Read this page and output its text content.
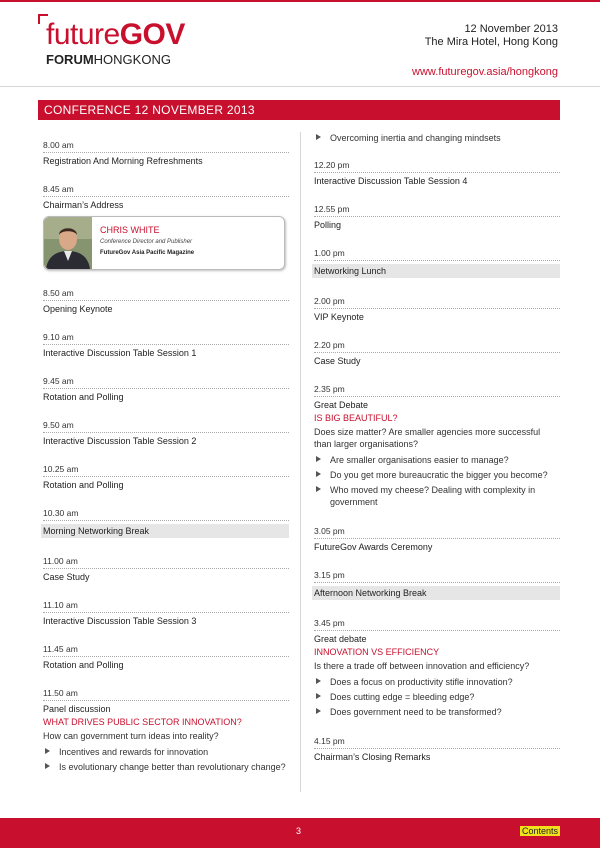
futureGOV
FORUMHONGKONG
12 November 2013
The Mira Hotel, Hong Kong
www.futuregov.asia/hongkong
CONFERENCE 12 NOVEMBER 2013
8.00 am
Registration And Morning Refreshments
8.45 am
Chairman’s Address
CHRIS WHITE
Conference Director and Publisher
FutureGov Asia Pacific Magazine
8.50 am
Opening Keynote
9.10 am
Interactive Discussion Table Session 1
9.45 am
Rotation and Polling
9.50 am
Interactive Discussion Table Session 2
10.25 am
Rotation and Polling
10.30 am
Morning Networking Break
11.00 am
Case Study
11.10 am
Interactive Discussion Table Session 3
11.45 am
Rotation and Polling
11.50 am
Panel discussion
WHAT DRIVES PUBLIC SECTOR INNOVATION?
How can government turn ideas into reality?
Incentives and rewards for innovation
Is evolutionary change better than revolutionary change?
Overcoming inertia and changing mindsets
12.20 pm
Interactive Discussion Table Session 4
12.55 pm
Polling
1.00 pm
Networking Lunch
2.00 pm
VIP Keynote
2.20 pm
Case Study
2.35 pm
Great Debate
IS BIG BEAUTIFUL?
Does size matter? Are smaller agencies more successful than larger organisations?
Are smaller organisations easier to manage?
Do you get more bureaucratic the bigger you become?
Who moved my cheese? Dealing with complexity in government
3.05 pm
FutureGov Awards Ceremony
3.15 pm
Afternoon Networking Break
3.45 pm
Great debate
INNOVATION VS EFFICIENCY
Is there a trade off between innovation and efficiency?
Does a focus on productivity stifle innovation?
Does cutting edge = bleeding edge?
Does government need to be transformed?
4.15 pm
Chairman’s Closing Remarks
3	Contents
